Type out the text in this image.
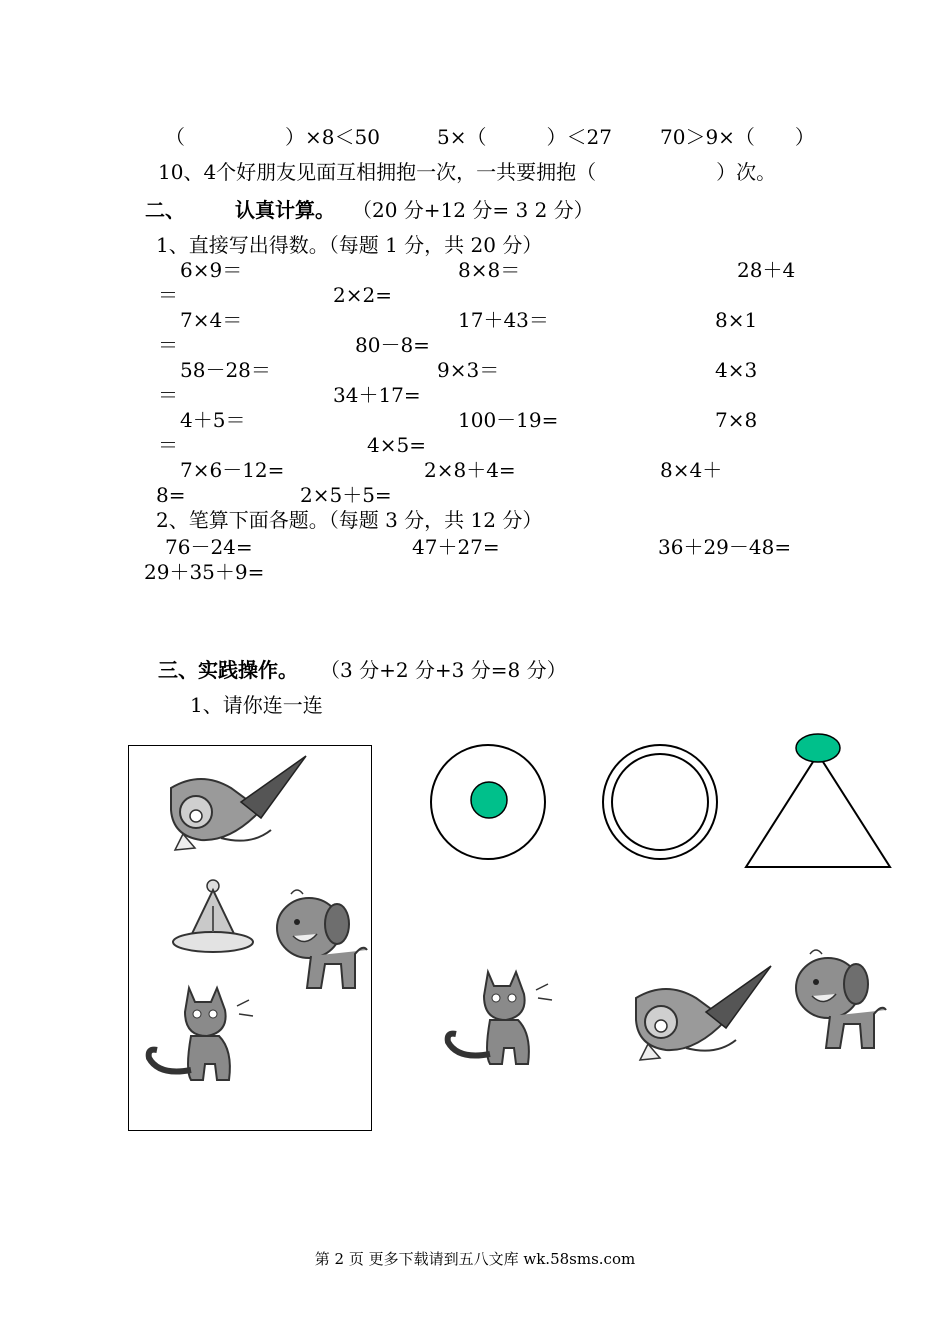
（　　　　　）×8＜50	5×（　　　）＜27 70＞9×（　　）
10、4个好朋友见面互相拥抱一次，一共要拥抱（　　　　　　）次。
二、	认真计算。 （20 分+12 分= 3 2 分）
1、直接写出得数。（每题 1 分，共 20 分）
6×9＝	8×8＝	28＋4
＝	2×2=
7×4＝	17＋43＝	8×1
＝	80－8=
58－28＝	9×3＝	4×3
＝	34＋17=
4＋5＝	100－19=	7×8
＝	4×5=
7×6－12=	2×8＋4=	8×4＋
8=	2×5＋5=
2、笔算下面各题。（每题 3 分，共 12 分）
76－24=	47＋27=	36＋29－48=
29＋35＋9=
三、实践操作。 （3 分+2 分+3 分=8 分）
1、请你连一连
第 2 页 更多下载请到五八文库 wk.58sms.com
